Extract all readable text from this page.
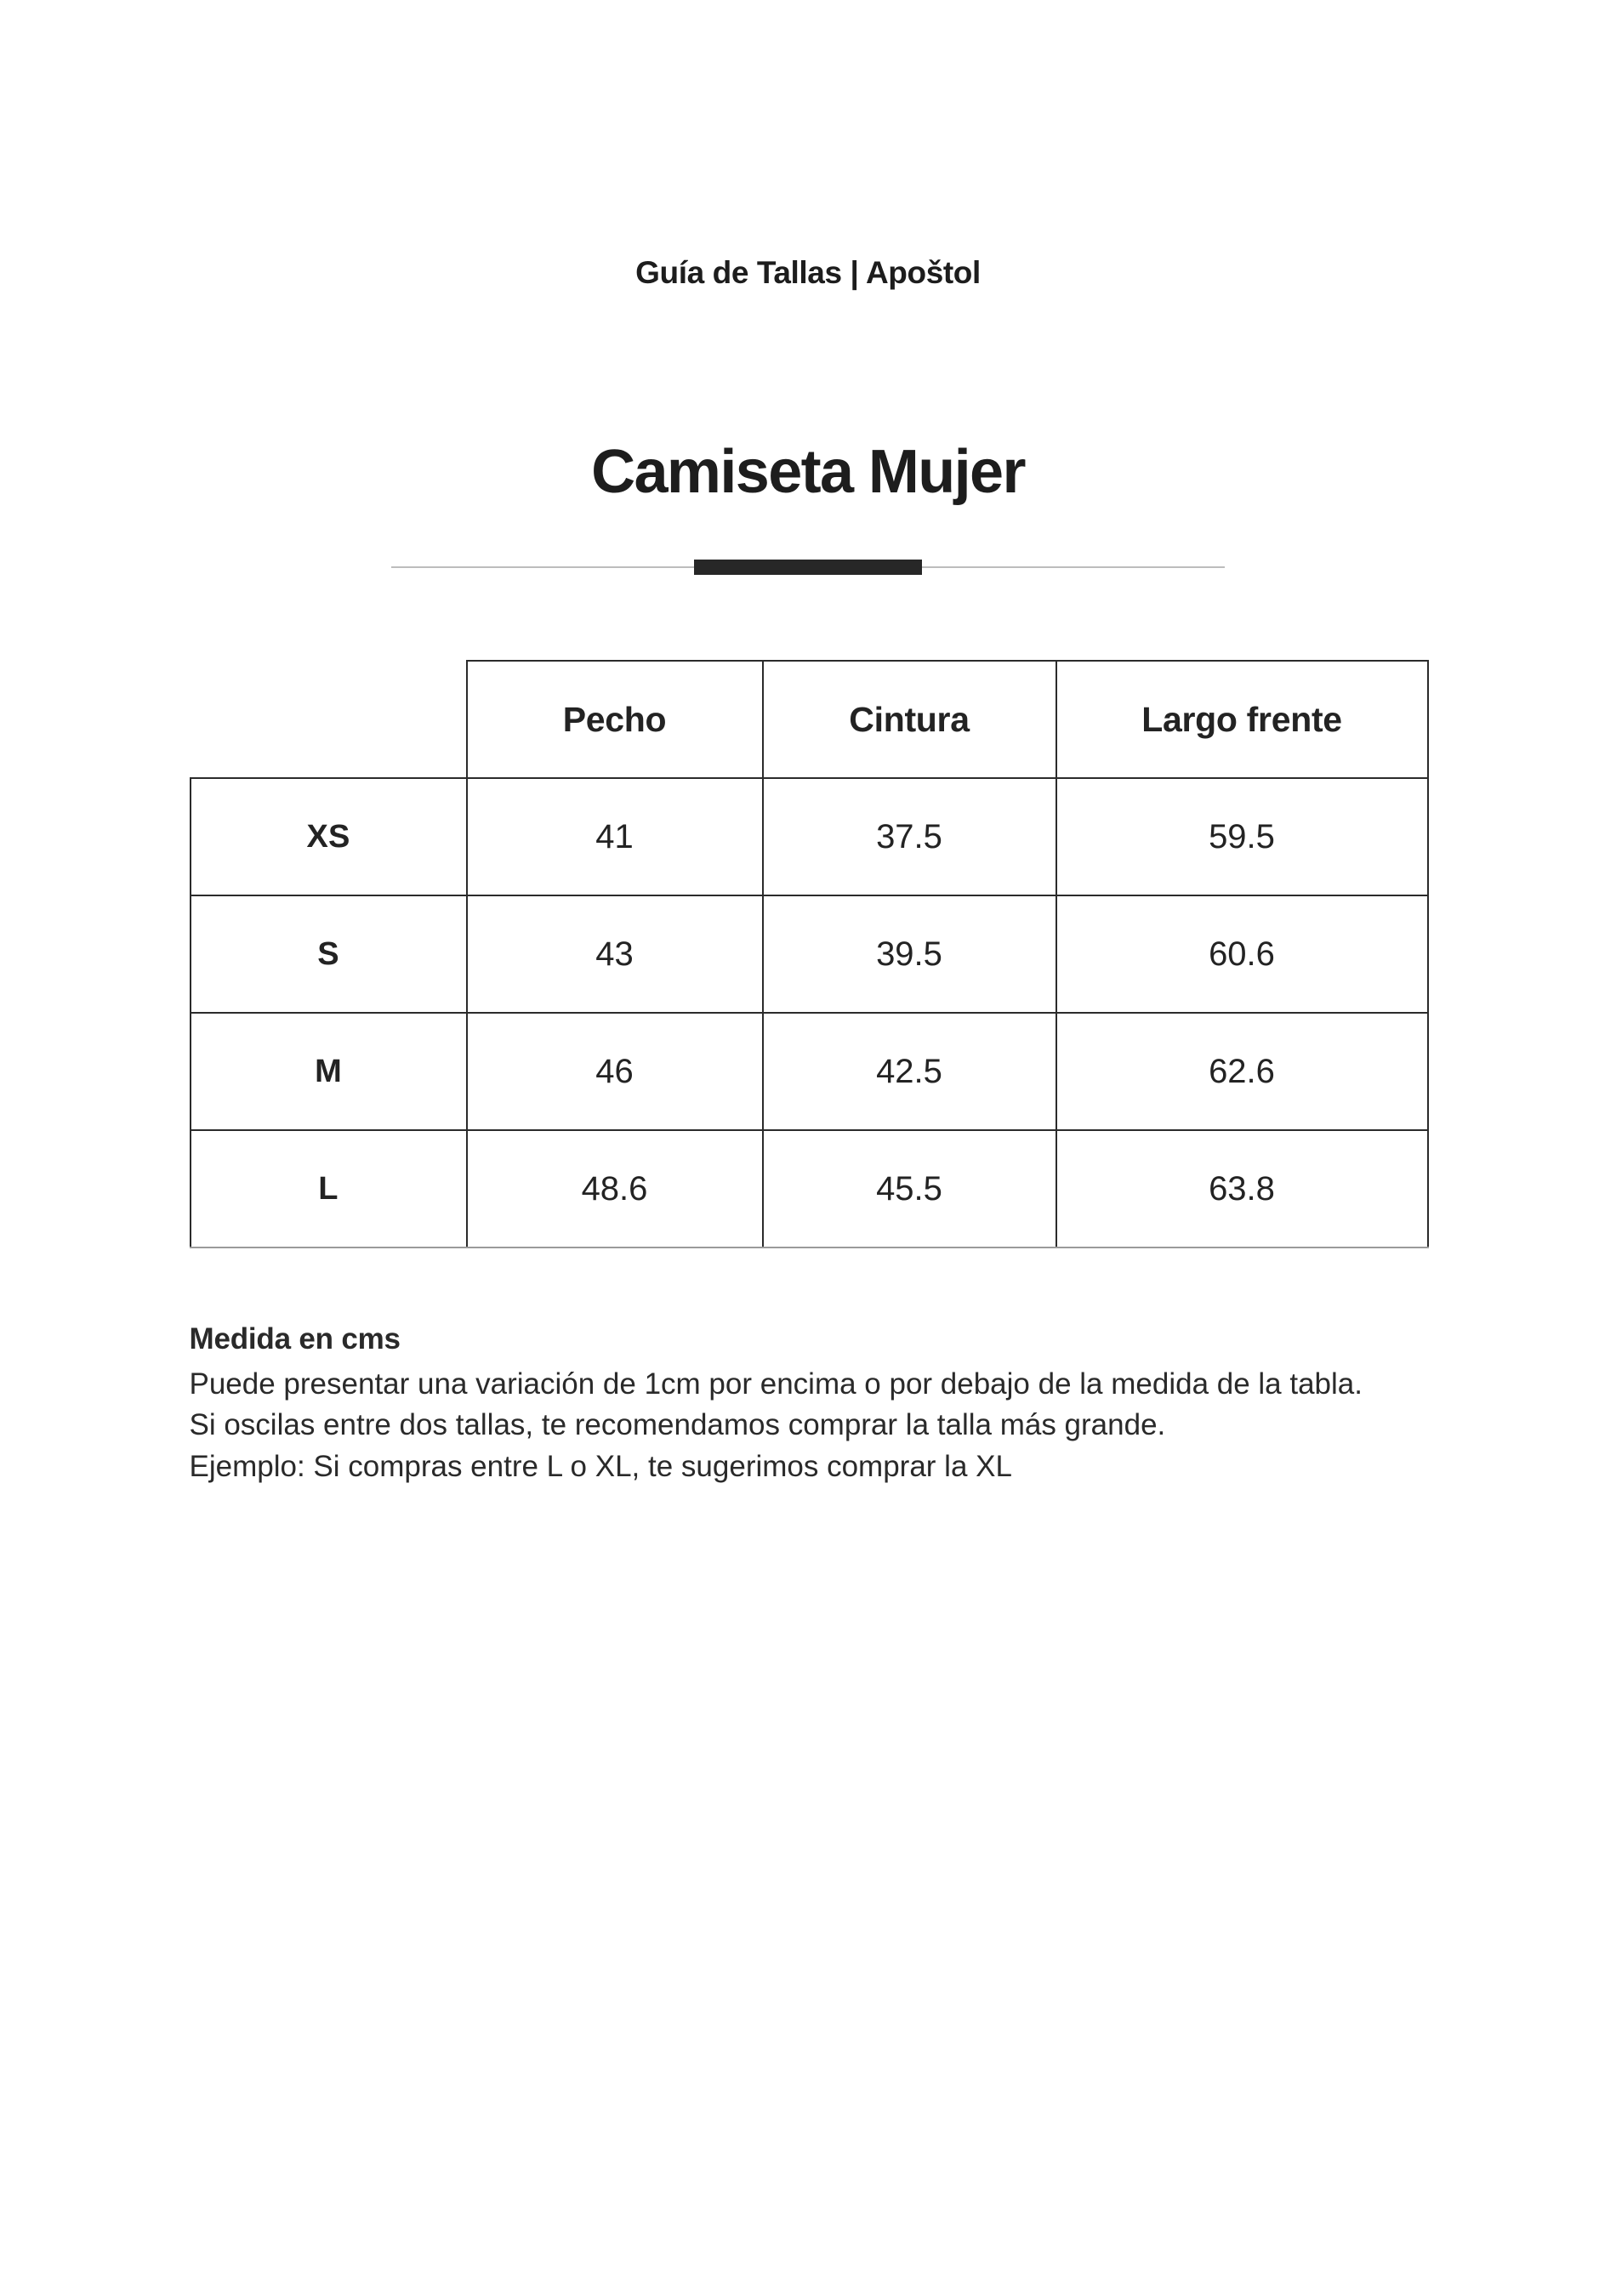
Guía de Tallas | Apoštol
Camiseta Mujer
	Pecho	Cintura	Largo frente
XS	41	37.5	59.5
S	43	39.5	60.6
M	46	42.5	62.6
L	48.6	45.5	63.8
Medida en cms

Puede presentar una variación de 1cm por encima o por debajo de la medida de la tabla.

Si oscilas entre dos tallas, te recomendamos comprar la talla más grande.

Ejemplo: Si compras entre L o XL, te sugerimos comprar la XL
